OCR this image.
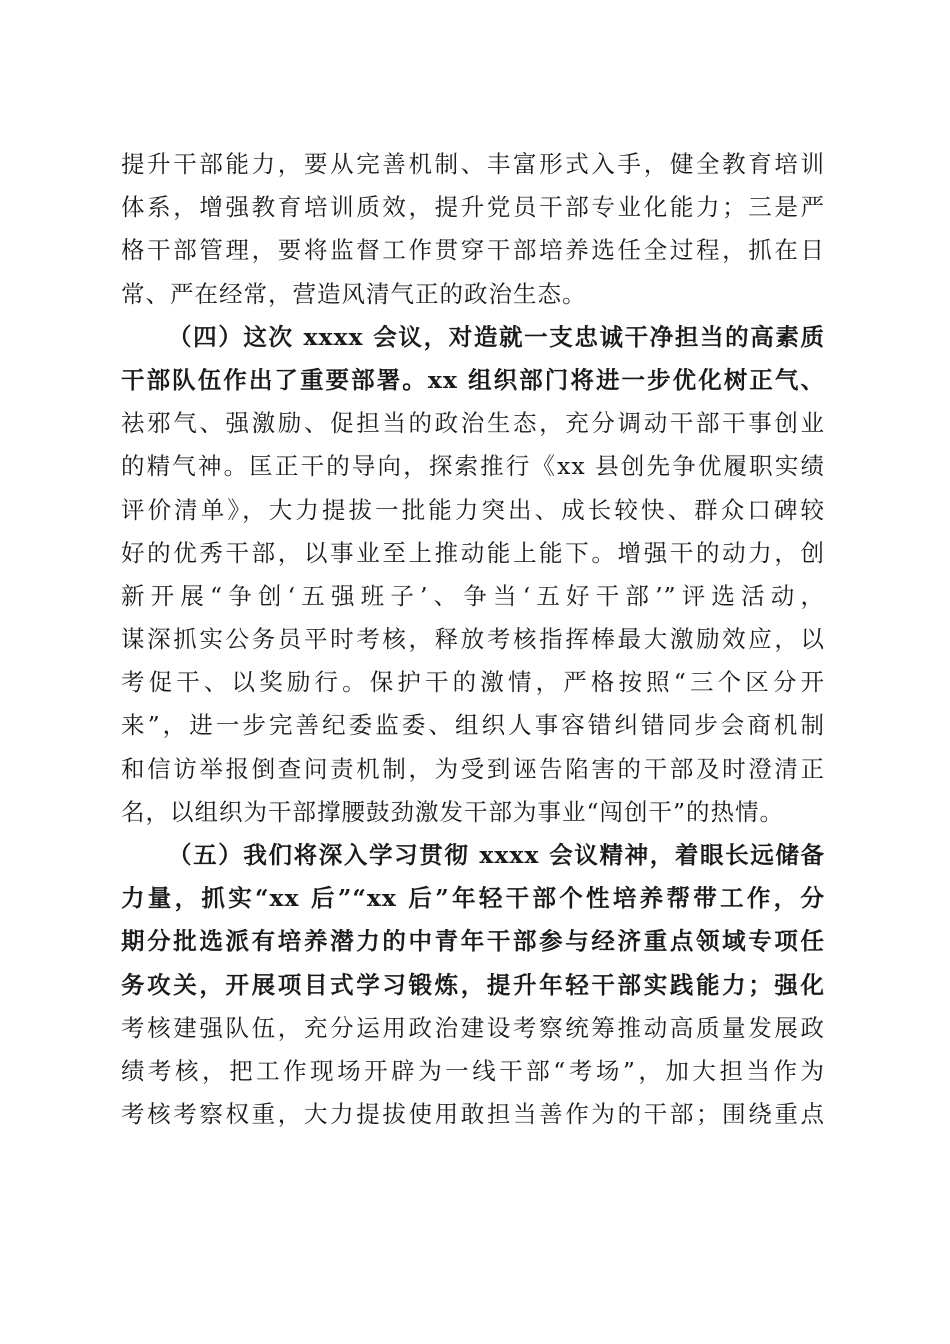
提升干部能力，要从完善机制、丰富形式入手，健全教育培训
体系，增强教育培训质效，提升党员干部专业化能力；三是严
格干部管理，要将监督工作贯穿干部培养选任全过程，抓在日
常、严在经常，营造风清气正的政治生态。
（四）这次 xxxx 会议，对造就一支忠诚干净担当的高素质
干部队伍作出了重要部署。xx 组织部门将进一步优化树正气、
祛邪气、强激励、促担当的政治生态，充分调动干部干事创业
的精气神。匡正干的导向，探索推行《xx 县创先争优履职实绩
评价清单》，大力提拔一批能力突出、成长较快、群众口碑较
好的优秀干部，以事业至上推动能上能下。增强干的动力，创
新开展“争创‘五强班子’、争当‘五好干部’”评选活动，
谋深抓实公务员平时考核，释放考核指挥棒最大激励效应，以
考促干、以奖励行。保护干的激情，严格按照“三个区分开
来”，进一步完善纪委监委、组织人事容错纠错同步会商机制
和信访举报倒查问责机制，为受到诬告陷害的干部及时澄清正
名，以组织为干部撑腰鼓劲激发干部为事业“闯创干”的热情。
（五）我们将深入学习贯彻 xxxx 会议精神，着眼长远储备
力量，抓实“xx 后”“xx 后”年轻干部个性培养帮带工作，分
期分批选派有培养潜力的中青年干部参与经济重点领域专项任
务攻关，开展项目式学习锻炼，提升年轻干部实践能力；强化
考核建强队伍，充分运用政治建设考察统筹推动高质量发展政
绩考核，把工作现场开辟为一线干部“考场”，加大担当作为
考核考察权重，大力提拔使用敢担当善作为的干部；围绕重点
